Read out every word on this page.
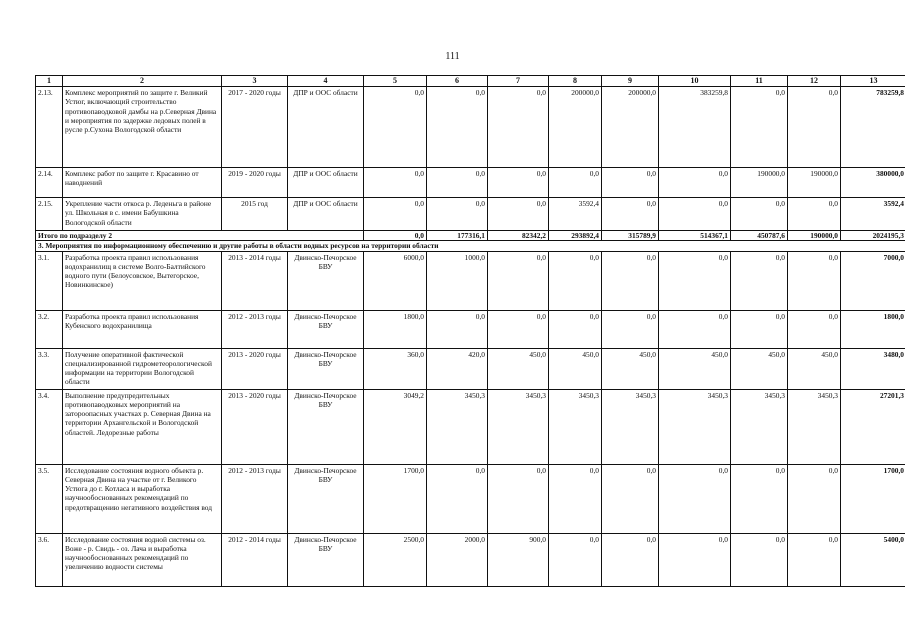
111
1	2	3	4	5	6	7	8	9	10	11	12	13
2.13.	Комплекс мероприятий по защите г. Великий Устюг, включающий строительство противопаводковой дамбы на р.Северная Двина и мероприятия по задержке ледовых полей в русле р.Сухона Вологодской области	2017 - 2020 годы	ДПР и ООС области	0,0	0,0	0,0	200000,0	200000,0	383259,8	0,0	0,0	783259,8
2.14.	Комплекс работ по защите г. Красавино от наводнений	2019 - 2020 годы	ДПР и ООС области	0,0	0,0	0,0	0,0	0,0	0,0	190000,0	190000,0	380000,0
2.15.	Укрепление части откоса р. Леденьга в районе ул. Школьная в с. имени Бабушкина Вологодской области	2015 год	ДПР и ООС области	0,0	0,0	0,0	3592,4	0,0	0,0	0,0	0,0	3592,4
Итого по подразделу 2				0,0	177316,1	82342,2	293892,4	315789,9	514367,1	450787,6	190000,0	2024195,3
3. Мероприятия по информационному обеспечению и другие работы в области водных ресурсов на территории области												
3.1.	Разработка проекта правил использования водохранилищ в системе Волго-Балтийского водного пути (Белоусовское, Вытегорское, Новинкинское)	2013 - 2014 годы	Двинско-Печорское БВУ	6000,0	1000,0	0,0	0,0	0,0	0,0	0,0	0,0	7000,0
3.2.	Разработка проекта правил использования Кубенского водохранилища	2012 - 2013 годы	Двинско-Печорское БВУ	1800,0	0,0	0,0	0,0	0,0	0,0	0,0	0,0	1800,0
3.3.	Получение оперативной фактической специализированной гидрометеорологической информации на территории Вологодской области	2013 - 2020 годы	Двинско-Печорское БВУ	360,0	420,0	450,0	450,0	450,0	450,0	450,0	450,0	3480,0
3.4.	Выполнение предупредительных противопаводковых мероприятий на затороопасных участках р. Северная Двина на территории Архангельской и Вологодской областей. Ледорезные работы	2013 - 2020 годы	Двинско-Печорское БВУ	3049,2	3450,3	3450,3	3450,3	3450,3	3450,3	3450,3	3450,3	27201,3
3.5.	Исследование состояния водного объекта р. Северная Двина на участке от г. Великого Устюга до г. Котласа и выработка научнообоснованных рекомендаций по предотвращению негативного воздействия вод	2012 - 2013 годы	Двинско-Печорское БВУ	1700,0	0,0	0,0	0,0	0,0	0,0	0,0	0,0	1700,0
3.6.	Исследование состояния водной системы оз. Воже - р. Свидь - оз. Лача и выработка научнообоснованных рекомендаций по увеличению водности системы	2012 - 2014 годы	Двинско-Печорское БВУ	2500,0	2000,0	900,0	0,0	0,0	0,0	0,0	0,0	5400,0
